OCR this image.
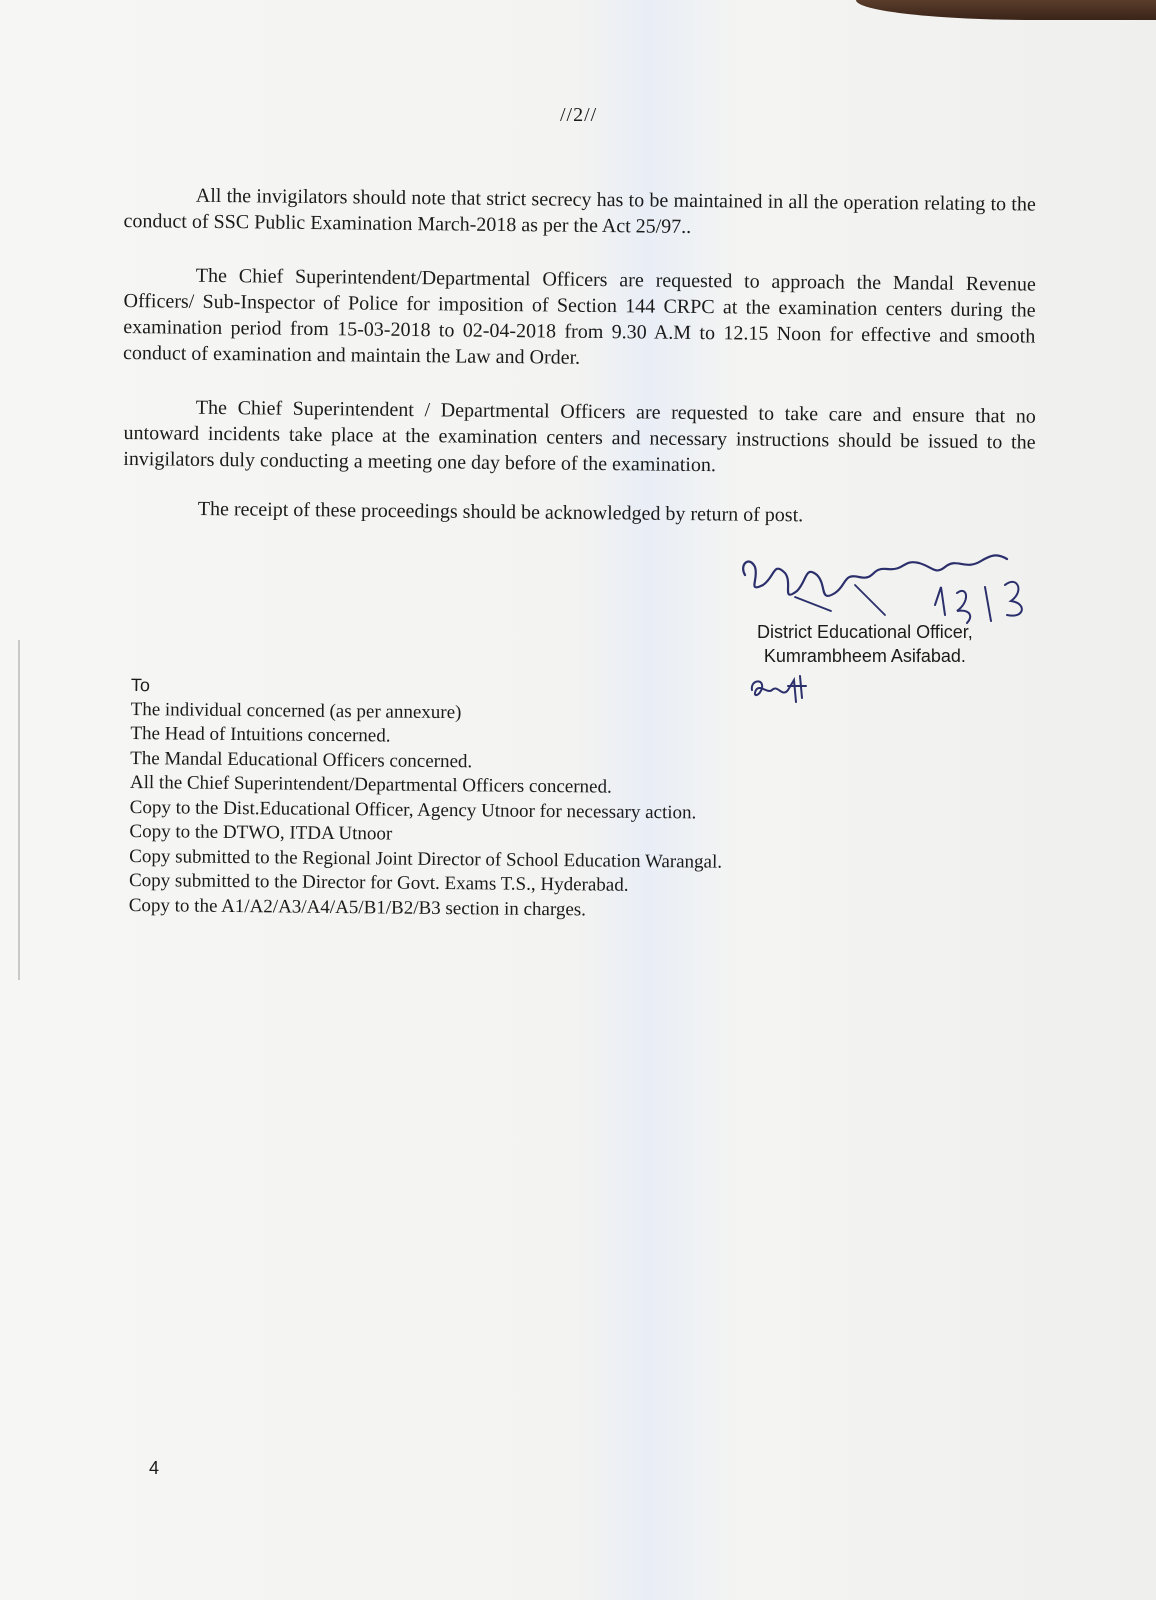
//2//

All the invigilators should note that strict secrecy has to be maintained in all the operation relating to the conduct of SSC Public Examination March-2018 as per the Act 25/97..

The Chief Superintendent/Departmental Officers are requested to approach the Mandal Revenue Officers/ Sub-Inspector of Police for imposition of Section 144 CRPC at the examination centers during the examination period from 15-03-2018 to 02-04-2018 from 9.30 A.M to 12.15 Noon for effective and smooth conduct of examination and maintain the Law and Order.

The Chief Superintendent / Departmental Officers are requested to take care and ensure that no untoward incidents take place at the examination centers and necessary instructions should be issued to the invigilators duly conducting a meeting one day before of the examination.

The receipt of these proceedings should be acknowledged by return of post.

4/3/18
District Educational Officer,
Kumrambheem Asifabad.
To
The individual concerned (as per annexure)
The Head of Intuitions concerned.
The Mandal Educational Officers concerned.
All the Chief Superintendent/Departmental Officers concerned.
Copy to the Dist.Educational Officer, Agency Utnoor for necessary action.
Copy to the DTWO, ITDA Utnoor
Copy submitted to the Regional Joint Director of School Education Warangal.
Copy submitted to the Director for Govt. Exams T.S., Hyderabad.
Copy to the A1/A2/A3/A4/A5/B1/B2/B3 section in charges.
4
